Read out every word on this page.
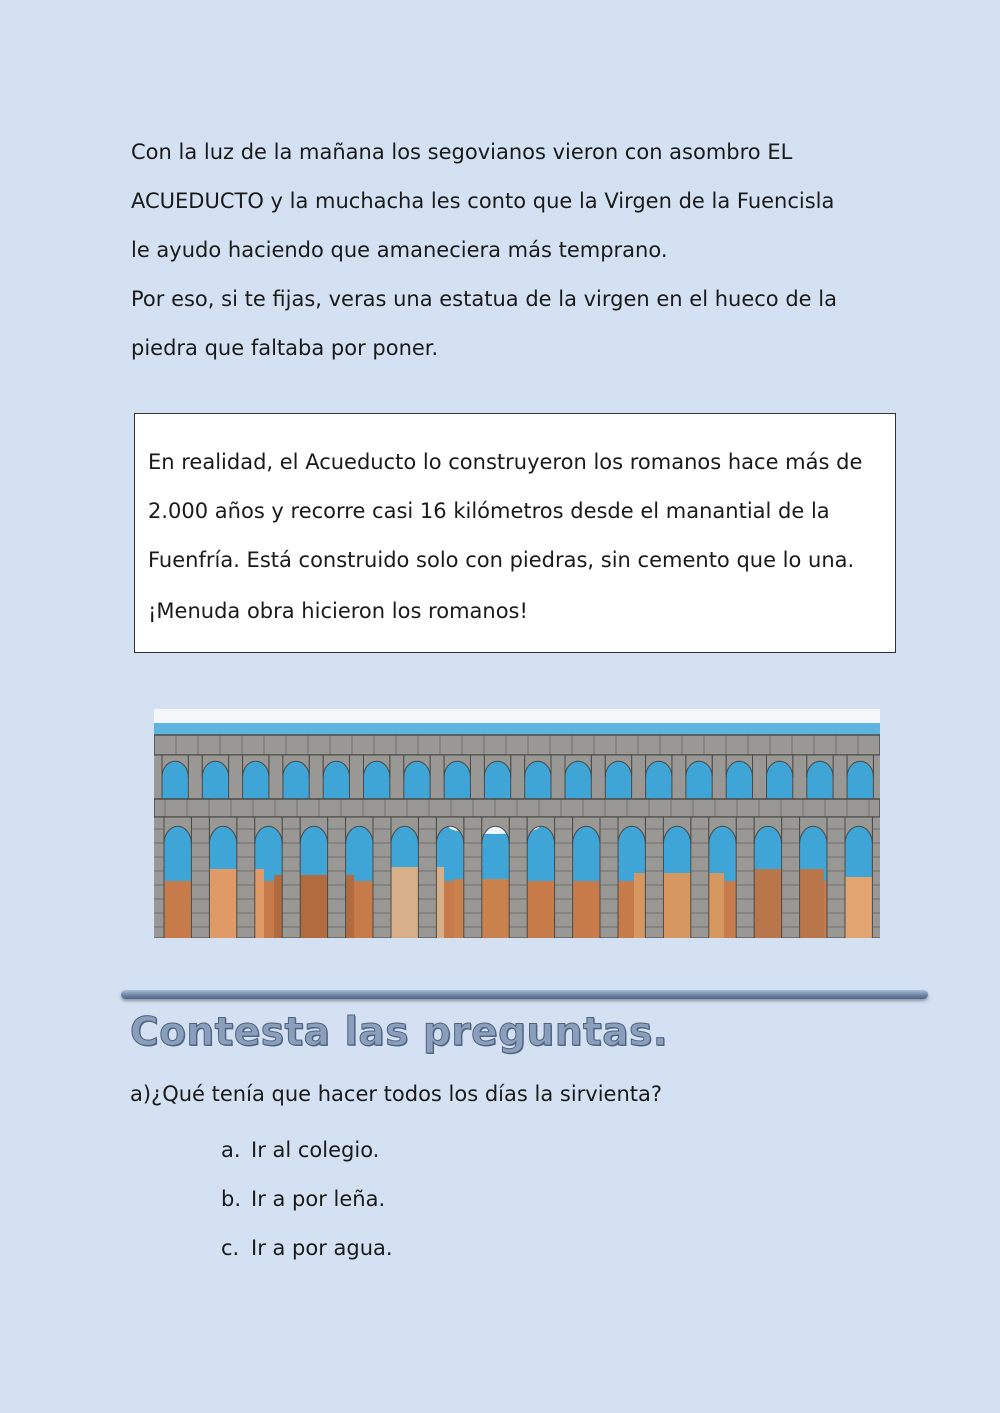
Con la luz de la mañana los segovianos vieron con asombro EL

ACUEDUCTO y la muchacha les conto que la Virgen de la Fuencisla

le ayudo haciendo que amaneciera más temprano.

Por eso, si te fijas, veras una estatua de la virgen en el hueco de la

piedra que faltaba por poner.

En realidad, el Acueducto lo construyeron los romanos hace más de

2.000 años y recorre casi 16 kilómetros desde el manantial de la

Fuenfría. Está construido solo con piedras, sin cemento que lo una.

¡Menuda obra hicieron los romanos!

Contesta las preguntas.

a)¿Qué tenía que hacer todos los días la sirvienta?

a. Ir al colegio.
b. Ir a por leña.
c. Ir a por agua.
